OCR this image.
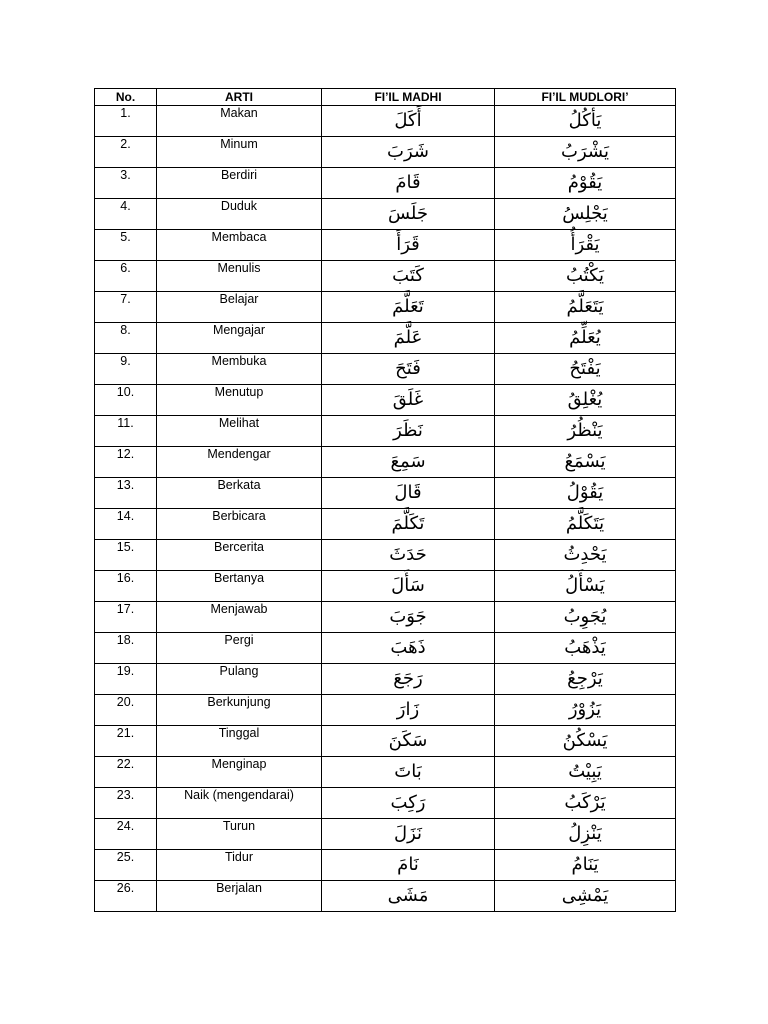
No.	ARTI	FI’IL MADHI	FI’IL MUDLORI’
1.	Makan	أَكَلَ	يَأكُلُ
2.	Minum	شَرَبَ	يَشْرَبُ
3.	Berdiri	قَامَ	يَقُوْمُ
4.	Duduk	جَلَسَ	يَجْلِسُ
5.	Membaca	قَرَأَ	يَقْرَأُ
6.	Menulis	كَتَبَ	يَكْتُبُ
7.	Belajar	تَعَلَّمَ	يَتَعَلَّمُ
8.	Mengajar	عَلَّمَ	يُعَلِّمُ
9.	Membuka	فَتَحَ	يَفْتَحُ
10.	Menutup	غَلَقَ	يُغْلِقُ
11.	Melihat	نَظَرَ	يَنْظُرُ
12.	Mendengar	سَمِعَ	يَسْمَعُ
13.	Berkata	قَالَ	يَقُوْلُ
14.	Berbicara	تَكَلَّمَ	يَتَكَلَّمُ
15.	Bercerita	حَدَثَ	يَحْدِثُ
16.	Bertanya	سَأَلَ	يَسْأَلُ
17.	Menjawab	جَوَبَ	يُجَوِبُ
18.	Pergi	ذَهَبَ	يَذْهَبُ
19.	Pulang	رَجَعَ	يَرْجِعُ
20.	Berkunjung	زَارَ	يَزُوْرُ
21.	Tinggal	سَكَنَ	يَسْكُنُ
22.	Menginap	بَاتَ	يَبِيْتُ
23.	Naik (mengendarai)	رَكِبَ	يَرْكَبُ
24.	Turun	نَزَلَ	يَنْزِلُ
25.	Tidur	نَامَ	يَنَامُ
26.	Berjalan	مَشَى	يَمْشِى
